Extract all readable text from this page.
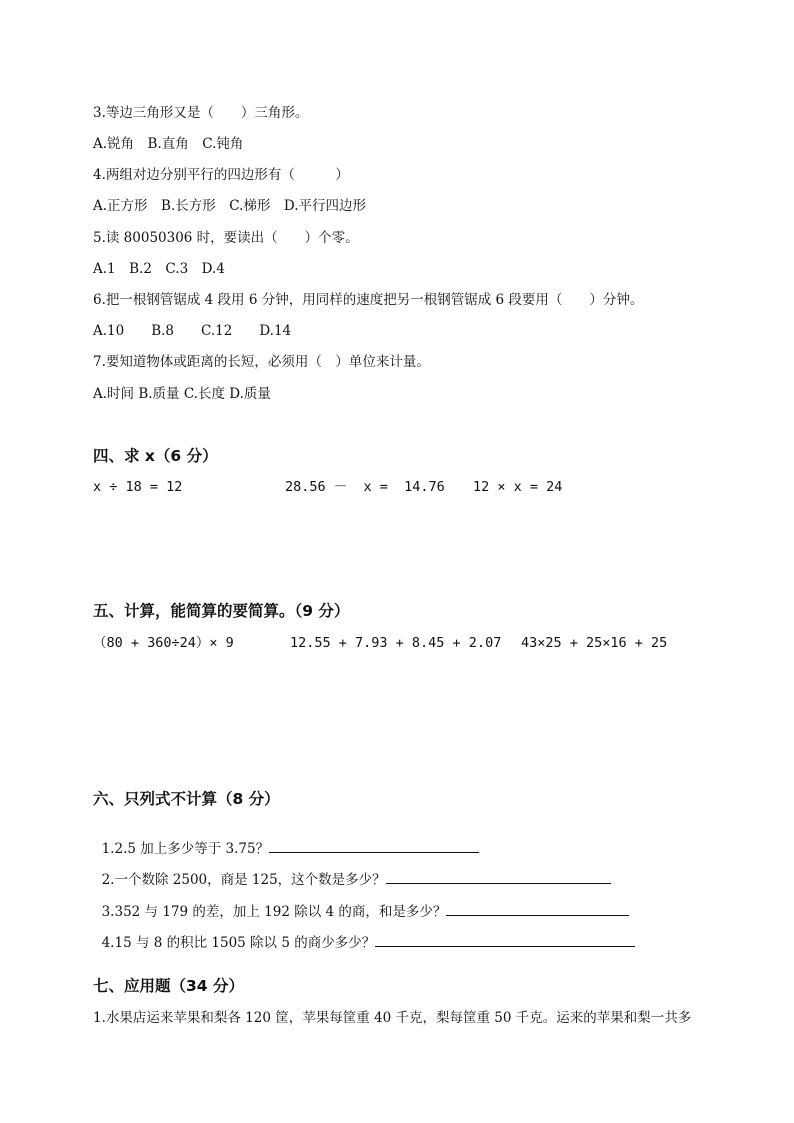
3.等边三角形又是（　　）三角形。
A.锐角　B.直角　C.钝角
4.两组对边分别平行的四边形有（　　　）
A.正方形　B.长方形　C.梯形　D.平行四边形
5.读 80050306 时，要读出（　　）个零。
A.1　B.2　C.3　D.4
6.把一根钢管锯成 4 段用 6 分钟，用同样的速度把另一根钢管锯成 6 段要用（　　）分钟。
A.10　　B.8　　C.12　　D.14
7.要知道物体或距离的长短，必须用（　）单位来计量。
A.时间 B.质量 C.长度 D.质量
四、求 x（6 分）
x ÷ 18 = 12	28.56 －  x =  14.76 12 × x = 24
五、计算，能简算的要简算。（9 分）
（80 + 360÷24）× 9	12.55 + 7.93 + 8.45 + 2.07 43×25 + 25×16 + 25
六、只列式不计算（8 分）

1.2.5 加上多少等于 3.75？

2.一个数除 2500，商是 125，这个数是多少？

3.352 与 179 的差，加上 192 除以 4 的商，和是多少？

4.15 与 8 的积比 1505 除以 5 的商少多少？

七、应用题（34 分）
1.水果店运来苹果和梨各 120 筐，苹果每筐重 40 千克，梨每筐重 50 千克。运来的苹果和梨一共多
